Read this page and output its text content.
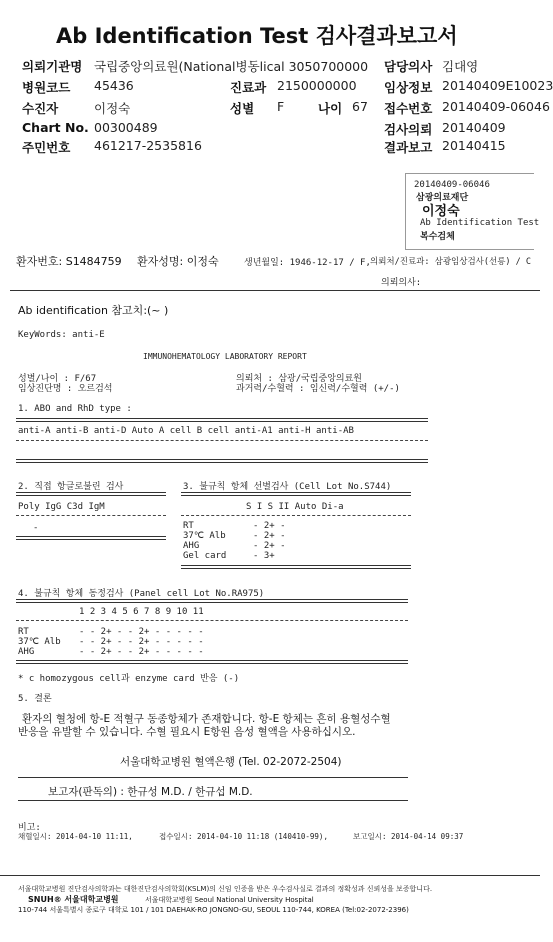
Ab Identification Test 검사결과보고서
의뢰기관명 국립중앙의료원(National병동lical 3050700000
병원코드 45436	진료과 2150000000
수진자	이정숙	성별 F	나이 67
Chart No. 00300489
주민번호 461217-2535816
담당의사 김대영
임상정보 20140409E10023
접수번호 20140409-06046
검사의뢰 20140409
결과보고 20140415
20140409-06046
삼광의료재단
이정숙
Ab Identification Test
복수검체
환자번호: S1484759 환자성명: 이정숙	생년월일: 1946-12-17 / F, 의뢰처/진료과: 삼광임상검사(선릉) / C
의뢰의사:
Ab identification 참고치:(~ )
KeyWords: anti-E
IMMUNOHEMATOLOGY LABORATORY REPORT
성별/나이 : F/67
임상진단명 : 오르검석
의뢰처 : 삼광/국립중앙의료원
과거력/수혈력 : 임신력/수혈력 (+/-)
1. ABO and RhD type :
anti-A anti-B anti-D Auto A cell B cell anti-A1 anti-H anti-AB
2. 직접 항글로불린 검사
Poly IgG C3d IgM
-
3. 불규칙 항체 선별검사 (Cell Lot No.S744)
S I S II Auto Di-a
RT	- 2+ -
37℃ Alb	- 2+ -
AHG	- 2+ -
Gel card	- 3+
4. 불규칙 항체 동정검사 (Panel cell Lot No.RA975)
1 2 3 4 5 6 7 8 9 10 11
RT	- - 2+ - - 2+ - - - - -
37℃ Alb - - 2+ - - 2+ - - - - -
AHG	- - 2+ - - 2+ - - - - -
* c homozygous cell과 enzyme card 반응 (-)
5. 결론
환자의 혈청에 항-E 적혈구 동종항체가 존재합니다. 항-E 항체는 흔히 용혈성수혈
반응을 유발할 수 있습니다. 수혈 필요시 E항원 음성 혈액을 사용하십시오.
서울대학교병원 혈액은행 (Tel. 02-2072-2504)
보고자(판독의) : 한규성 M.D. / 한규섭 M.D.
비고:
채혈일시: 2014-04-10 11:11,	접수일시: 2014-04-10 11:18 (140410-99),	보고일시: 2014-04-14 09:37
서울대학교병원 진단검사의학과는 대한진단검사의학회(KSLM)의 신임 인증을 받은 우수검사실로 결과의 정확성과 신뢰성을 보증합니다.
SNUH® 서울대학교병원	서울대학교병원 Seoul National University Hospital
110-744 서울특별시 종로구 대학로 101 / 101 DAEHAK-RO JONGNO-GU, SEOUL 110-744, KOREA (Tel:02-2072-2396)
